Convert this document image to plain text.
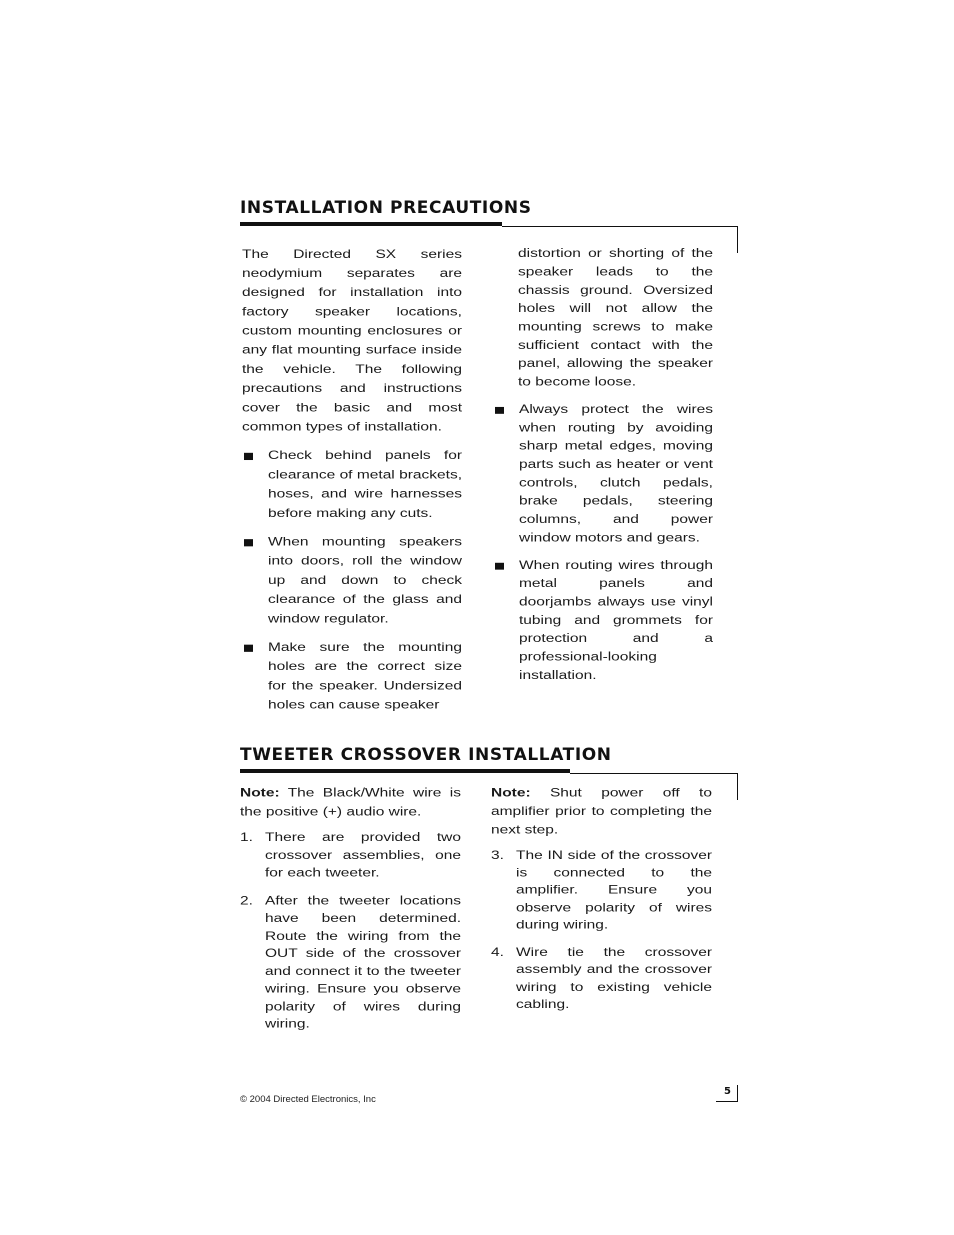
INSTALLATION PRECAUTIONS

The Directed SX series neodymium separates are designed for installation into factory speaker locations, custom mounting enclosures or any flat mounting surface inside the vehicle. The following precautions and instructions cover the basic and most common types of installation.

Check behind panels for clearance of metal brackets, hoses, and wire harnesses before making any cuts.
When mounting speakers into doors, roll the window up and down to check clearance of the glass and window regulator.
Make sure the mounting holes are the correct size for the speaker. Undersized holes can cause speaker

distortion or shorting of the speaker leads to the chassis ground. Oversized holes will not allow the mounting screws to make sufficient contact with the panel, allowing the speaker to become loose.

Always protect the wires when routing by avoiding sharp metal edges, moving parts such as heater or vent controls, clutch pedals, brake pedals, steering columns, and power window motors and gears.
When routing wires through metal panels and doorjambs always use vinyl tubing and grommets for protection and a professional-looking installation.
TWEETER CROSSOVER INSTALLATION

Note: The Black/White wire is the positive (+) audio wire.

1. There are provided two crossover assemblies, one for each tweeter.
2. After the tweeter locations have been determined. Route the wiring from the OUT side of the crossover and connect it to the tweeter wiring. Ensure you observe polarity of wires during wiring.

Note: Shut power off to amplifier prior to completing the next step.

3. The IN side of the crossover is connected to the amplifier. Ensure you observe polarity of wires during wiring.
4. Wire tie the crossover assembly and the crossover wiring to existing vehicle cabling.
© 2004 Directed Electronics, Inc
5
